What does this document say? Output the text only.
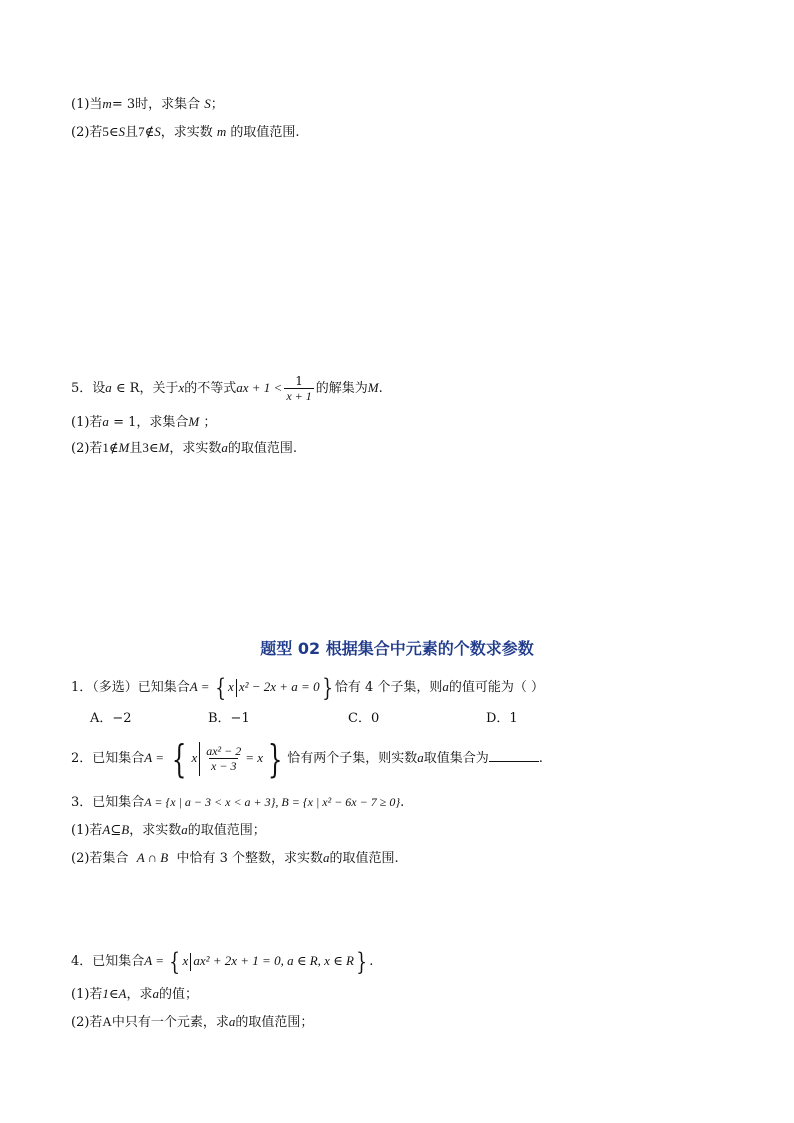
(1)当m= 3时，求集合 S；
(2)若5∈S且7∉S，求实数 m 的取值范围.
5．设a ∈ R，关于x的不等式ax + $1 < \frac{1}{x + 1}$ 的解集为M.
(1)若a = 1，求集合M ；
(2)若1∉M且3∈M，求实数a的取值范围.
题型 02 根据集合中元素的个数求参数
1．（多选）已知集合A = { x x² − 2x + a = 0} 恰有 4 个子集，则a的值可能为（ ）
A．−2	B．−1	C．0	D．1
2．已知集合A = { x $\frac{\text{ax² − 2}}{x - 3} = x$ } 恰有两个子集，则实数a取值集合为	.
3．已知集合A = {x | a − 3 < x < a + 3}, B = {x | x² − 6x − 7 ≥ 0}.
(1)若A⊆B，求实数a的取值范围；
(2)若集合 A ∩ B 中恰有 3 个整数，求实数a的取值范围.
4．已知集合A = { x ax² + 2x + 1 = 0, a ∈ R, x ∈ R} .
(1)若1∈A，求a的值；
(2)若A中只有一个元素，求a的取值范围；
